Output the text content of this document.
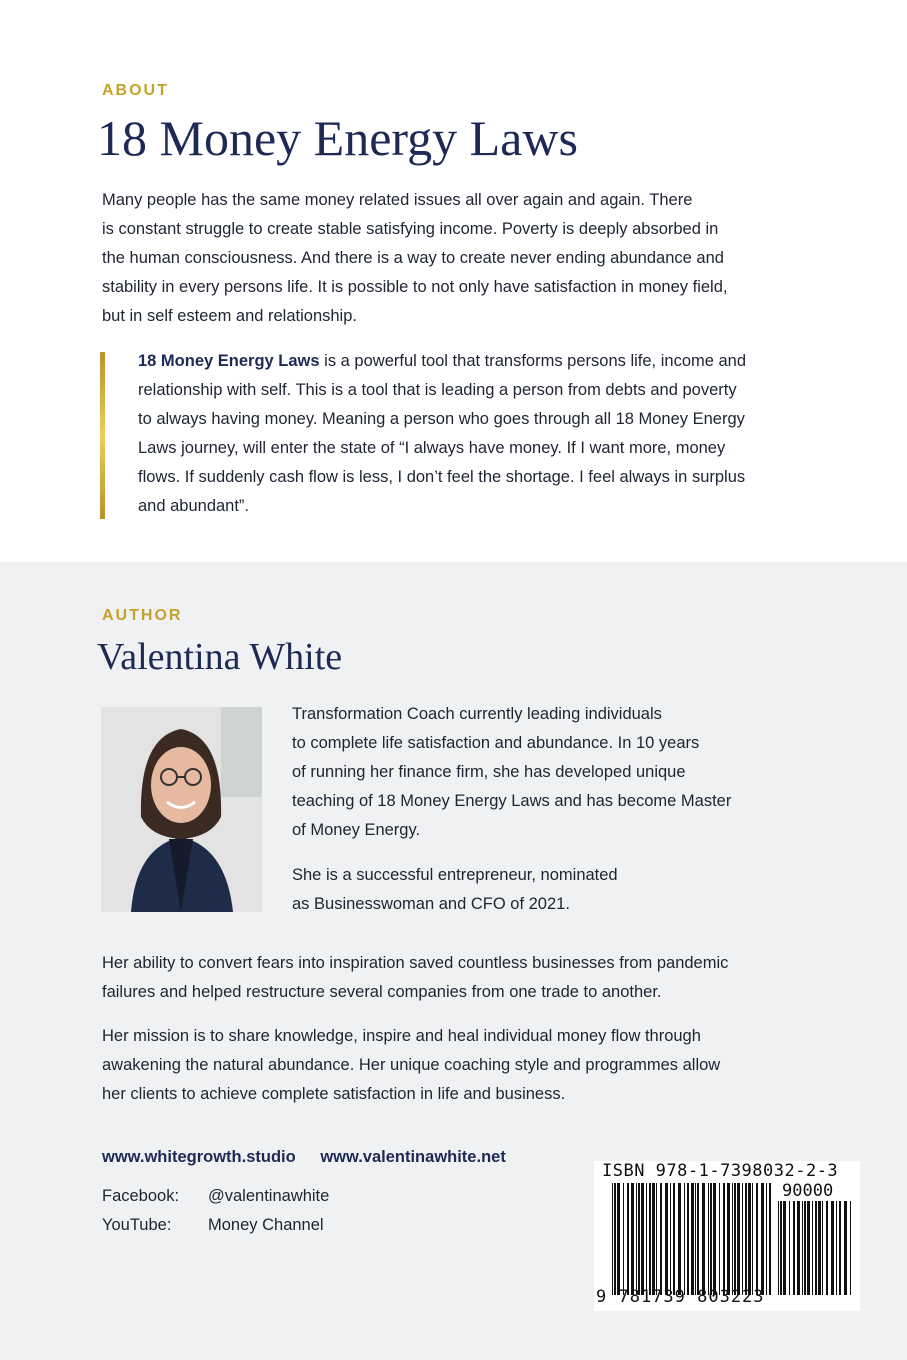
ABOUT
18 Money Energy Laws
Many people has the same money related issues all over again and again. There
is constant struggle to create stable satisfying income. Poverty is deeply absorbed in
the human consciousness. And there is a way to create never ending abundance and
stability in every persons life. It is possible to not only have satisfaction in money field,
but in self esteem and relationship.
18 Money Energy Laws is a powerful tool that transforms persons life, income and
relationship with self. This is a tool that is leading a person from debts and poverty
to always having money. Meaning a person who goes through all 18 Money Energy
Laws journey, will enter the state of “I always have money. If I want more, money
flows. If suddenly cash flow is less, I don’t feel the shortage. I feel always in surplus
and abundant”.
AUTHOR
Valentina White
Transformation Coach currently leading individuals
to complete life satisfaction and abundance. In 10 years
of running her finance firm, she has developed unique
teaching of 18 Money Energy Laws and has become Master
of Money Energy.
She is a successful entrepreneur, nominated
as Businesswoman and CFO of 2021.
Her ability to convert fears into inspiration saved countless businesses from pandemic
failures and helped restructure several companies from one trade to another.
Her mission is to share knowledge, inspire and heal individual money flow through
awakening the natural abundance. Her unique coaching style and programmes allow
her clients to achieve complete satisfaction in life and business.
www.whitegrowth.studio www.valentinawhite.net
Facebook: @valentinawhite
YouTube: Money Channel
ISBN 978-1-7398032-2-3
90000
9 781739 803223
